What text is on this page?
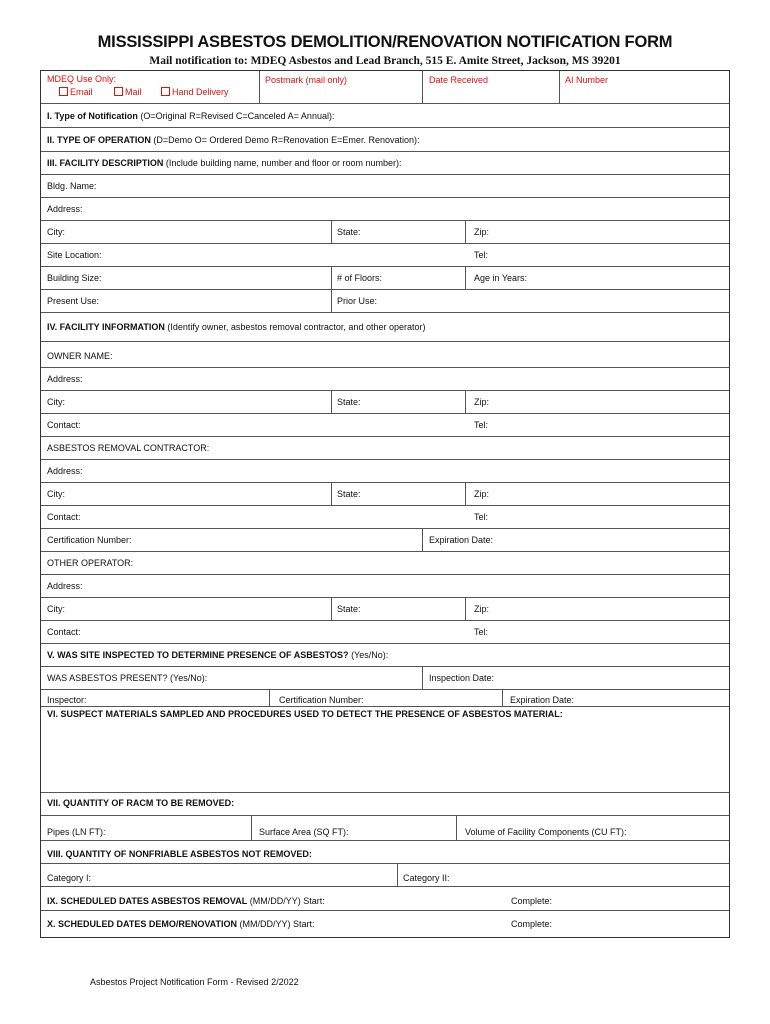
MISSISSIPPI ASBESTOS DEMOLITION/RENOVATION NOTIFICATION FORM
Mail notification to: MDEQ Asbestos and Lead Branch, 515 E. Amite Street, Jackson, MS 39201
MDEQ Use Only:
Email	Mail	Hand Delivery
Postmark (mail only)	Date Received	AI Number
I. Type of Notification (O=Original R=Revised C=Canceled A= Annual):
II. TYPE OF OPERATION (D=Demo O= Ordered Demo R=Renovation E=Emer. Renovation):
III. FACILITY DESCRIPTION (Include building name, number and floor or room number):
Bldg. Name:
Address:
City:	State:	Zip:
Site Location:	Tel:
Building Size:	# of Floors:	Age in Years:
Present Use:	Prior Use:
IV. FACILITY INFORMATION (Identify owner, asbestos removal contractor, and other operator)
OWNER NAME:
Address:
City:	State:	Zip:
Contact:	Tel:
ASBESTOS REMOVAL CONTRACTOR:
Address:
City:	State:	Zip:
Contact:	Tel:
Certification Number:	Expiration Date:
OTHER OPERATOR:
Address:
City:	State:	Zip:
Contact:	Tel:
V. WAS SITE INSPECTED TO DETERMINE PRESENCE OF ASBESTOS? (Yes/No):
WAS ASBESTOS PRESENT? (Yes/No):	Inspection Date:
Inspector:	Certification Number:	Expiration Date:
VI. SUSPECT MATERIALS SAMPLED AND PROCEDURES USED TO DETECT THE PRESENCE OF ASBESTOS MATERIAL:
VII. QUANTITY OF RACM TO BE REMOVED:
Pipes (LN FT):	Surface Area (SQ FT):	Volume of Facility Components (CU FT):
VIII. QUANTITY OF NONFRIABLE ASBESTOS NOT REMOVED:
Category I:	Category II:
IX. SCHEDULED DATES ASBESTOS REMOVAL (MM/DD/YY) Start:	Complete:
X. SCHEDULED DATES DEMO/RENOVATION (MM/DD/YY) Start:	Complete:
Asbestos Project Notification Form - Revised 2/2022
